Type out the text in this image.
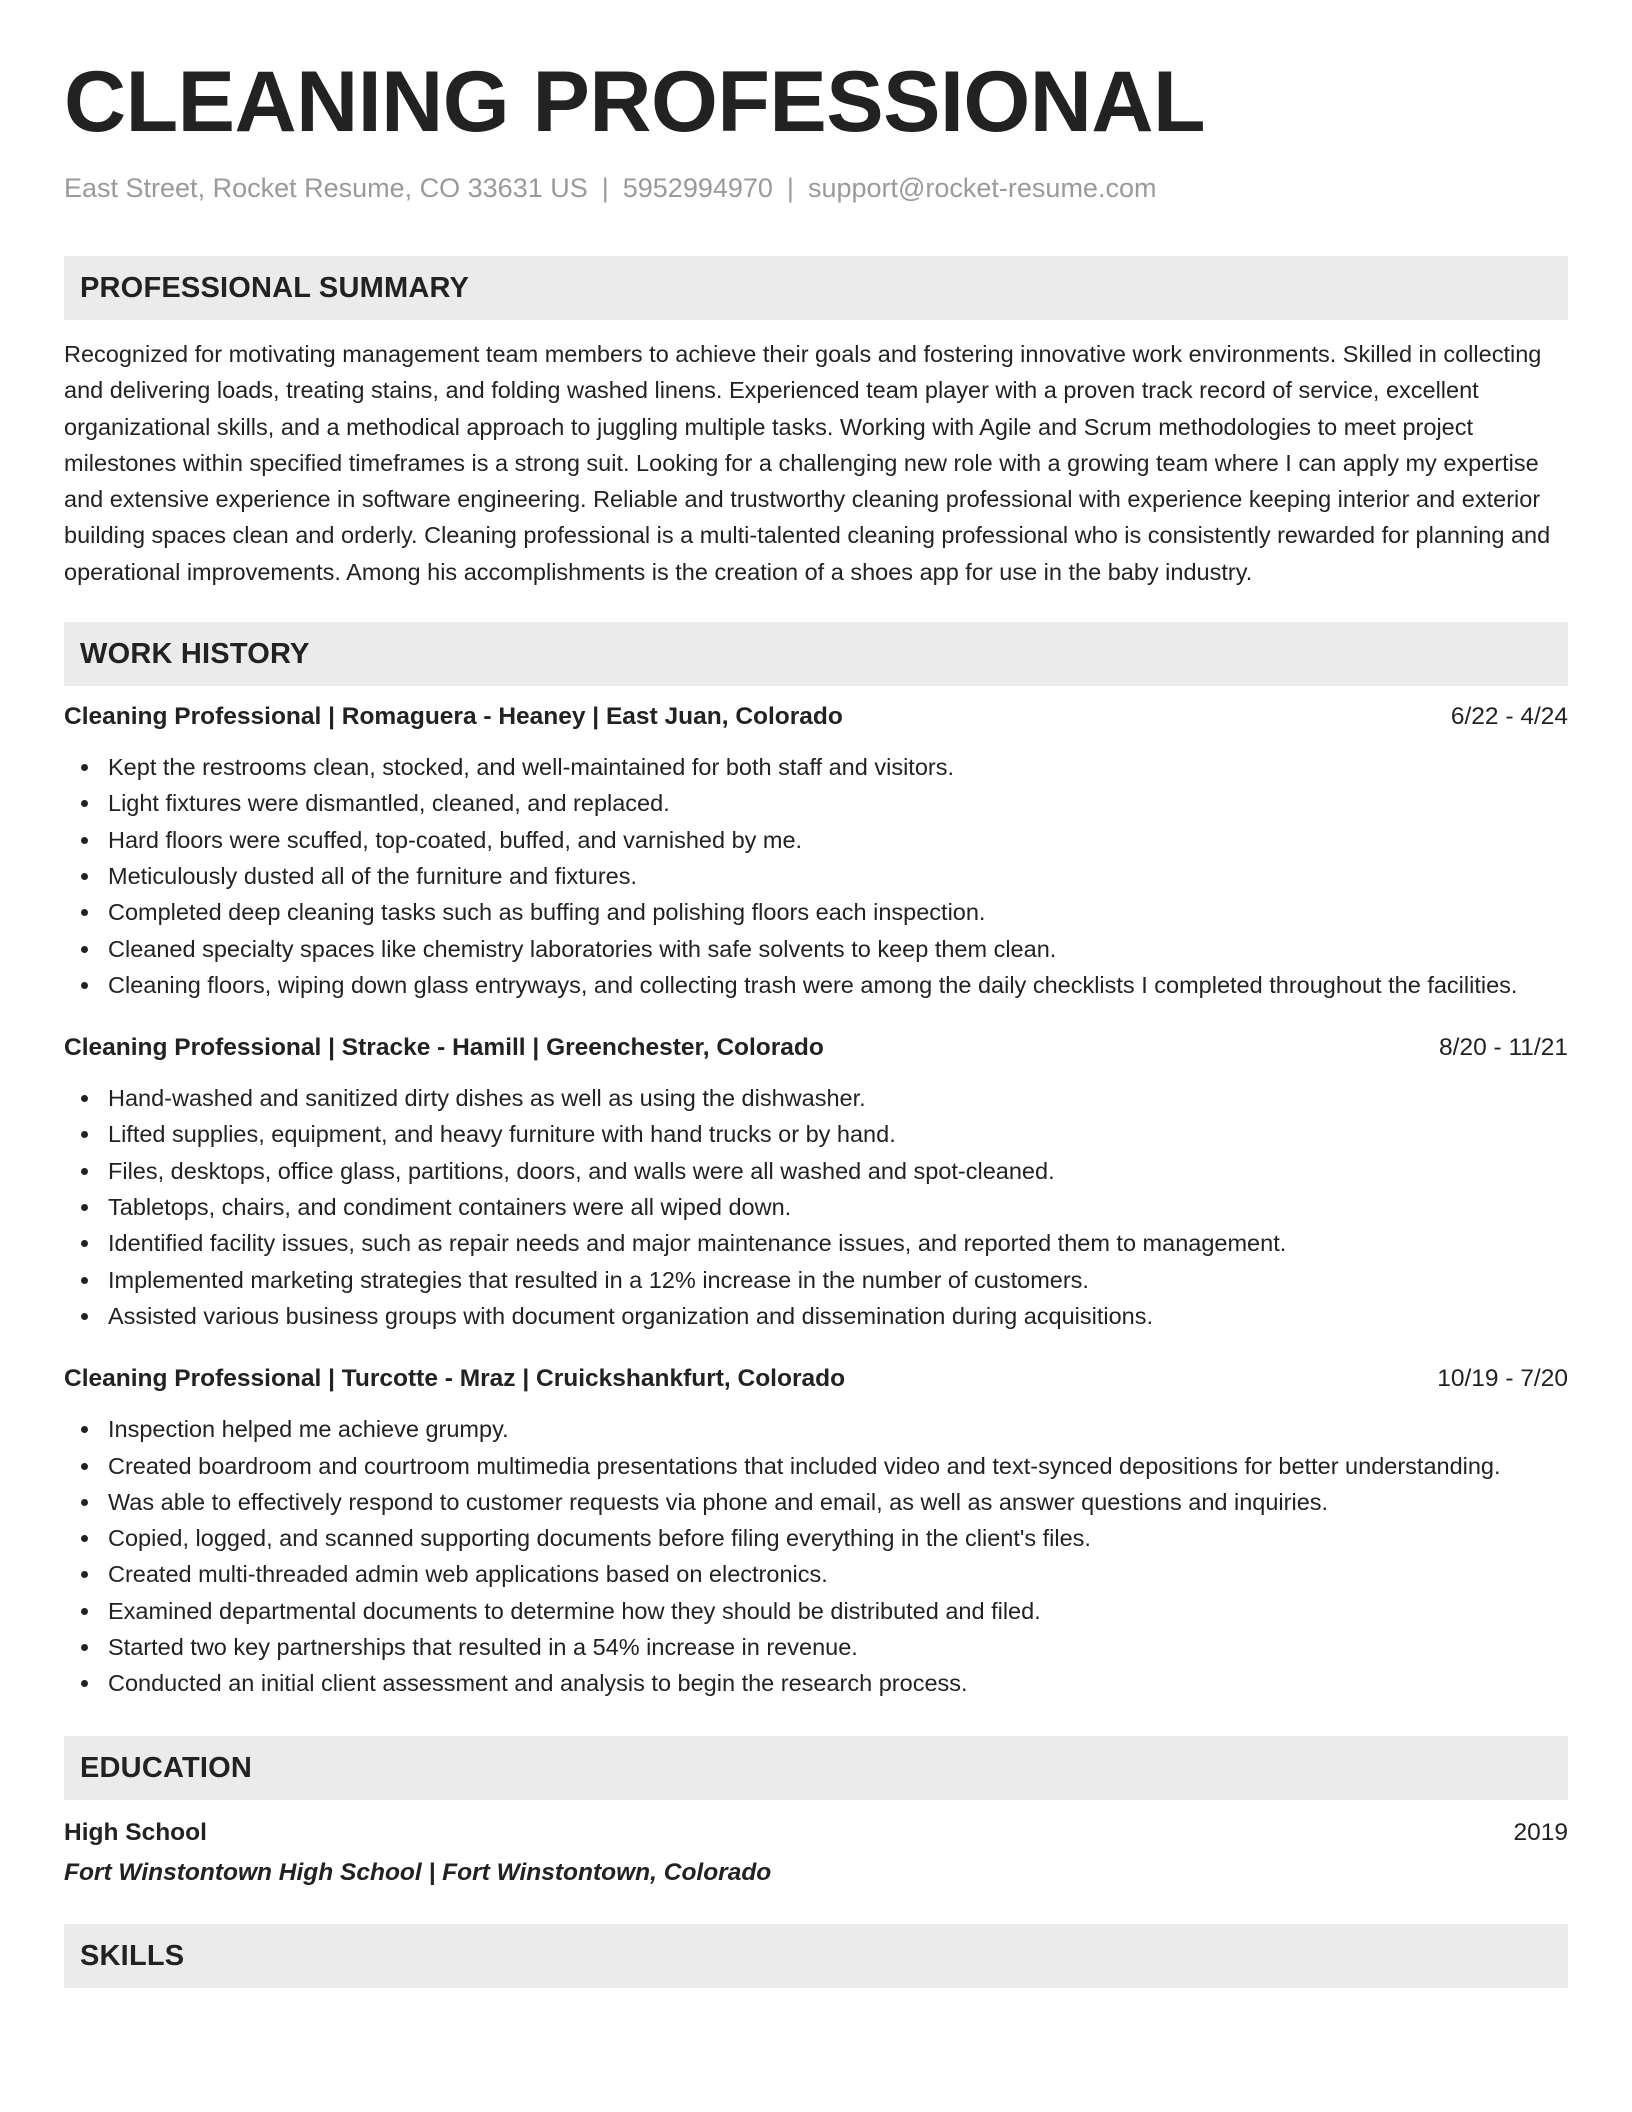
CLEANING PROFESSIONAL
East Street, Rocket Resume, CO 33631 US | 5952994970 | support@rocket-resume.com
PROFESSIONAL SUMMARY
Recognized for motivating management team members to achieve their goals and fostering innovative work environments. Skilled in collecting and delivering loads, treating stains, and folding washed linens. Experienced team player with a proven track record of service, excellent organizational skills, and a methodical approach to juggling multiple tasks. Working with Agile and Scrum methodologies to meet project milestones within specified timeframes is a strong suit. Looking for a challenging new role with a growing team where I can apply my expertise and extensive experience in software engineering. Reliable and trustworthy cleaning professional with experience keeping interior and exterior building spaces clean and orderly. Cleaning professional is a multi-talented cleaning professional who is consistently rewarded for planning and operational improvements. Among his accomplishments is the creation of a shoes app for use in the baby industry.
WORK HISTORY
Cleaning Professional | Romaguera - Heaney | East Juan, Colorado	6/22 - 4/24
Kept the restrooms clean, stocked, and well-maintained for both staff and visitors.
Light fixtures were dismantled, cleaned, and replaced.
Hard floors were scuffed, top-coated, buffed, and varnished by me.
Meticulously dusted all of the furniture and fixtures.
Completed deep cleaning tasks such as buffing and polishing floors each inspection.
Cleaned specialty spaces like chemistry laboratories with safe solvents to keep them clean.
Cleaning floors, wiping down glass entryways, and collecting trash were among the daily checklists I completed throughout the facilities.
Cleaning Professional | Stracke - Hamill | Greenchester, Colorado	8/20 - 11/21
Hand-washed and sanitized dirty dishes as well as using the dishwasher.
Lifted supplies, equipment, and heavy furniture with hand trucks or by hand.
Files, desktops, office glass, partitions, doors, and walls were all washed and spot-cleaned.
Tabletops, chairs, and condiment containers were all wiped down.
Identified facility issues, such as repair needs and major maintenance issues, and reported them to management.
Implemented marketing strategies that resulted in a 12% increase in the number of customers.
Assisted various business groups with document organization and dissemination during acquisitions.
Cleaning Professional | Turcotte - Mraz | Cruickshankfurt, Colorado	10/19 - 7/20
Inspection helped me achieve grumpy.
Created boardroom and courtroom multimedia presentations that included video and text-synced depositions for better understanding.
Was able to effectively respond to customer requests via phone and email, as well as answer questions and inquiries.
Copied, logged, and scanned supporting documents before filing everything in the client's files.
Created multi-threaded admin web applications based on electronics.
Examined departmental documents to determine how they should be distributed and filed.
Started two key partnerships that resulted in a 54% increase in revenue.
Conducted an initial client assessment and analysis to begin the research process.
EDUCATION
High School	2019
Fort Winstontown High School | Fort Winstontown, Colorado
SKILLS
